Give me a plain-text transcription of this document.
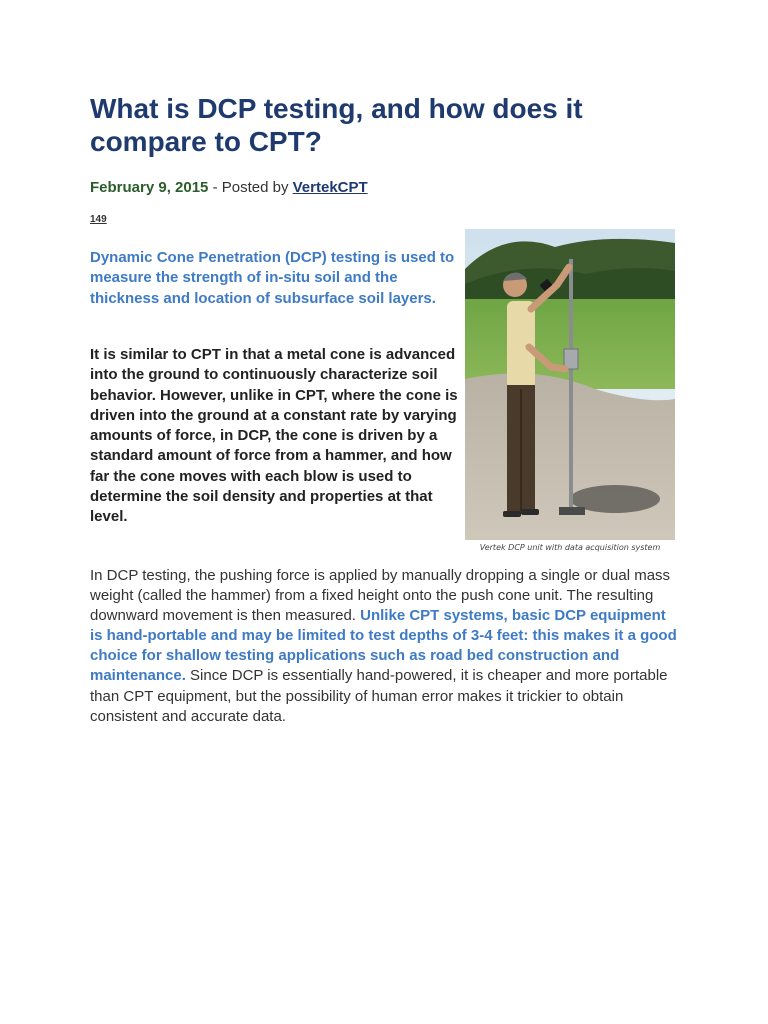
What is DCP testing, and how does it compare to CPT?
February 9, 2015 - Posted by VertekCPT
149

Dynamic Cone Penetration (DCP) testing is used to measure the strength of in-situ soil and the thickness and location of subsurface soil layers.

It is similar to CPT in that a metal cone is advanced into the ground to continuously characterize soil behavior. However, unlike in CPT, where the cone is driven into the ground at a constant rate by varying amounts of force, in DCP, the cone is driven by a standard amount of force from a hammer, and how far the cone moves with each blow is used to determine the soil density and properties at that level.

In DCP testing, the pushing force is applied by manually dropping a single or dual mass weight (called the hammer) from a fixed height onto the push cone unit. The resulting downward movement is then measured. Unlike CPT systems, basic DCP equipment is hand-portable and may be limited to test depths of 3-4 feet: this makes it a good choice for shallow testing applications such as road bed construction and maintenance. Since DCP is essentially hand-powered, it is cheaper and more portable than CPT equipment, but the possibility of human error makes it trickier to obtain consistent and accurate data.

Vertek DCP unit with data acquisition system
